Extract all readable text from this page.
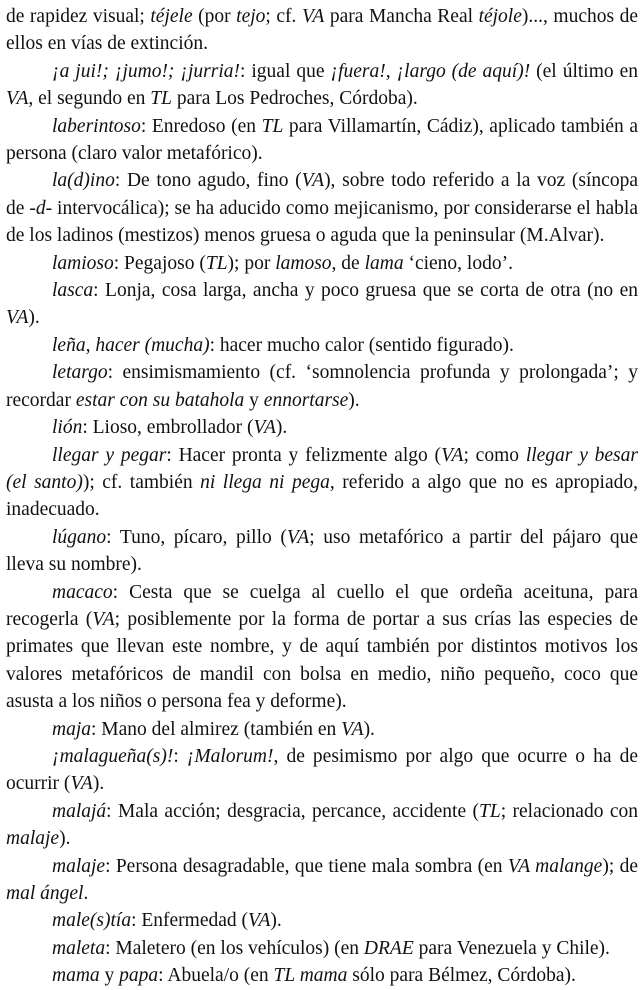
de rapidez visual; téjele (por tejo; cf. VA para Mancha Real téjole)..., muchos de ellos en vías de extinción.

¡a jui!; ¡jumo!; ¡jurria!: igual que ¡fuera!, ¡largo (de aquí)! (el último en VA, el segundo en TL para Los Pedroches, Córdoba).

laberintoso: Enredoso (en TL para Villamartín, Cádiz), aplicado también a persona (claro valor metafórico).

la(d)ino: De tono agudo, fino (VA), sobre todo referido a la voz (síncopa de -d- intervocálica); se ha aducido como mejicanismo, por considerarse el habla de los ladinos (mestizos) menos gruesa o aguda que la peninsular (M.Alvar).

lamioso: Pegajoso (TL); por lamoso, de lama ‘cieno, lodo’.

lasca: Lonja, cosa larga, ancha y poco gruesa que se corta de otra (no en VA).

leña, hacer (mucha): hacer mucho calor (sentido figurado).

letargo: ensimismamiento (cf. ‘somnolencia profunda y prolongada’; y recordar estar con su batahola y ennortarse).

lión: Lioso, embrollador (VA).

llegar y pegar: Hacer pronta y felizmente algo (VA; como llegar y besar (el santo)); cf. también ni llega ni pega, referido a algo que no es apropiado, inadecuado.

lúgano: Tuno, pícaro, pillo (VA; uso metafórico a partir del pájaro que lleva su nombre).

macaco: Cesta que se cuelga al cuello el que ordeña aceituna, para recogerla (VA; posiblemente por la forma de portar a sus crías las especies de primates que llevan este nombre, y de aquí también por distintos motivos los valores metafóricos de mandil con bolsa en medio, niño pequeño, coco que asusta a los niños o persona fea y deforme).

maja: Mano del almirez (también en VA).

¡malagueña(s)!: ¡Malorum!, de pesimismo por algo que ocurre o ha de ocurrir (VA).

malajá: Mala acción; desgracia, percance, accidente (TL; relacionado con malaje).

malaje: Persona desagradable, que tiene mala sombra (en VA malange); de mal ángel.

male(s)tía: Enfermedad (VA).

maleta: Maletero (en los vehículos) (en DRAE para Venezuela y Chile).

mama y papa: Abuela/o (en TL mama sólo para Bélmez, Córdoba).
